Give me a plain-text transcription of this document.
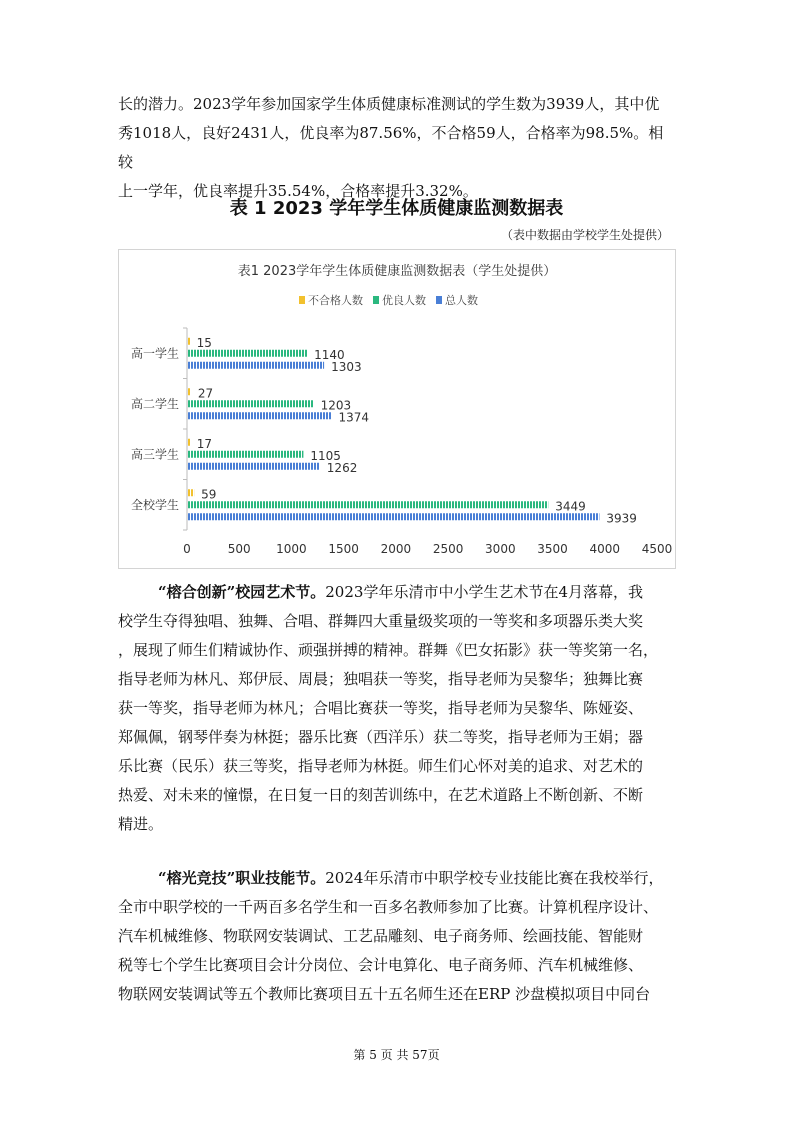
长的潜力。2023学年参加国家学生体质健康标准测试的学生数为3939人，其中优
秀1018人，良好2431人，优良率为87.56%，不合格59人，合格率为98.5%。相较
上一学年，优良率提升35.54%，合格率提升3.32%。
表 1 2023 学年学生体质健康监测数据表
（表中数据由学校学生处提供）
表1 2023学年学生体质健康监测数据表（学生处提供）
不合格人数 优良人数 总人数
高一学生
15
1140
1303
高二学生
27
1203
1374
高三学生
17
1105
1262
全校学生
59
3449
3939
0	500 1000 1500 2000 2500 3000 3500 4000 4500
“榕合创新”校园艺术节。2023学年乐清市中小学生艺术节在4月落幕，我
校学生夺得独唱、独舞、合唱、群舞四大重量级奖项的一等奖和多项器乐类大奖
，展现了师生们精诚协作、顽强拼搏的精神。群舞《巴女拓影》获一等奖第一名，
指导老师为林凡、郑伊辰、周晨；独唱获一等奖，指导老师为吴黎华；独舞比赛
获一等奖，指导老师为林凡；合唱比赛获一等奖，指导老师为吴黎华、陈娅姿、
郑佩佩，钢琴伴奏为林挺；器乐比赛（西洋乐）获二等奖，指导老师为王娟；器
乐比赛（民乐）获三等奖，指导老师为林挺。师生们心怀对美的追求、对艺术的
热爱、对未来的憧憬，在日复一日的刻苦训练中，在艺术道路上不断创新、不断
精进。
“榕光竞技”职业技能节。2024年乐清市中职学校专业技能比赛在我校举行，
全市中职学校的一千两百多名学生和一百多名教师参加了比赛。计算机程序设计、
汽车机械维修、物联网安装调试、工艺品雕刻、电子商务师、绘画技能、智能财
税等七个学生比赛项目会计分岗位、会计电算化、电子商务师、汽车机械维修、
物联网安装调试等五个教师比赛项目五十五名师生还在ERP 沙盘模拟项目中同台
第 5 页 共 57页
